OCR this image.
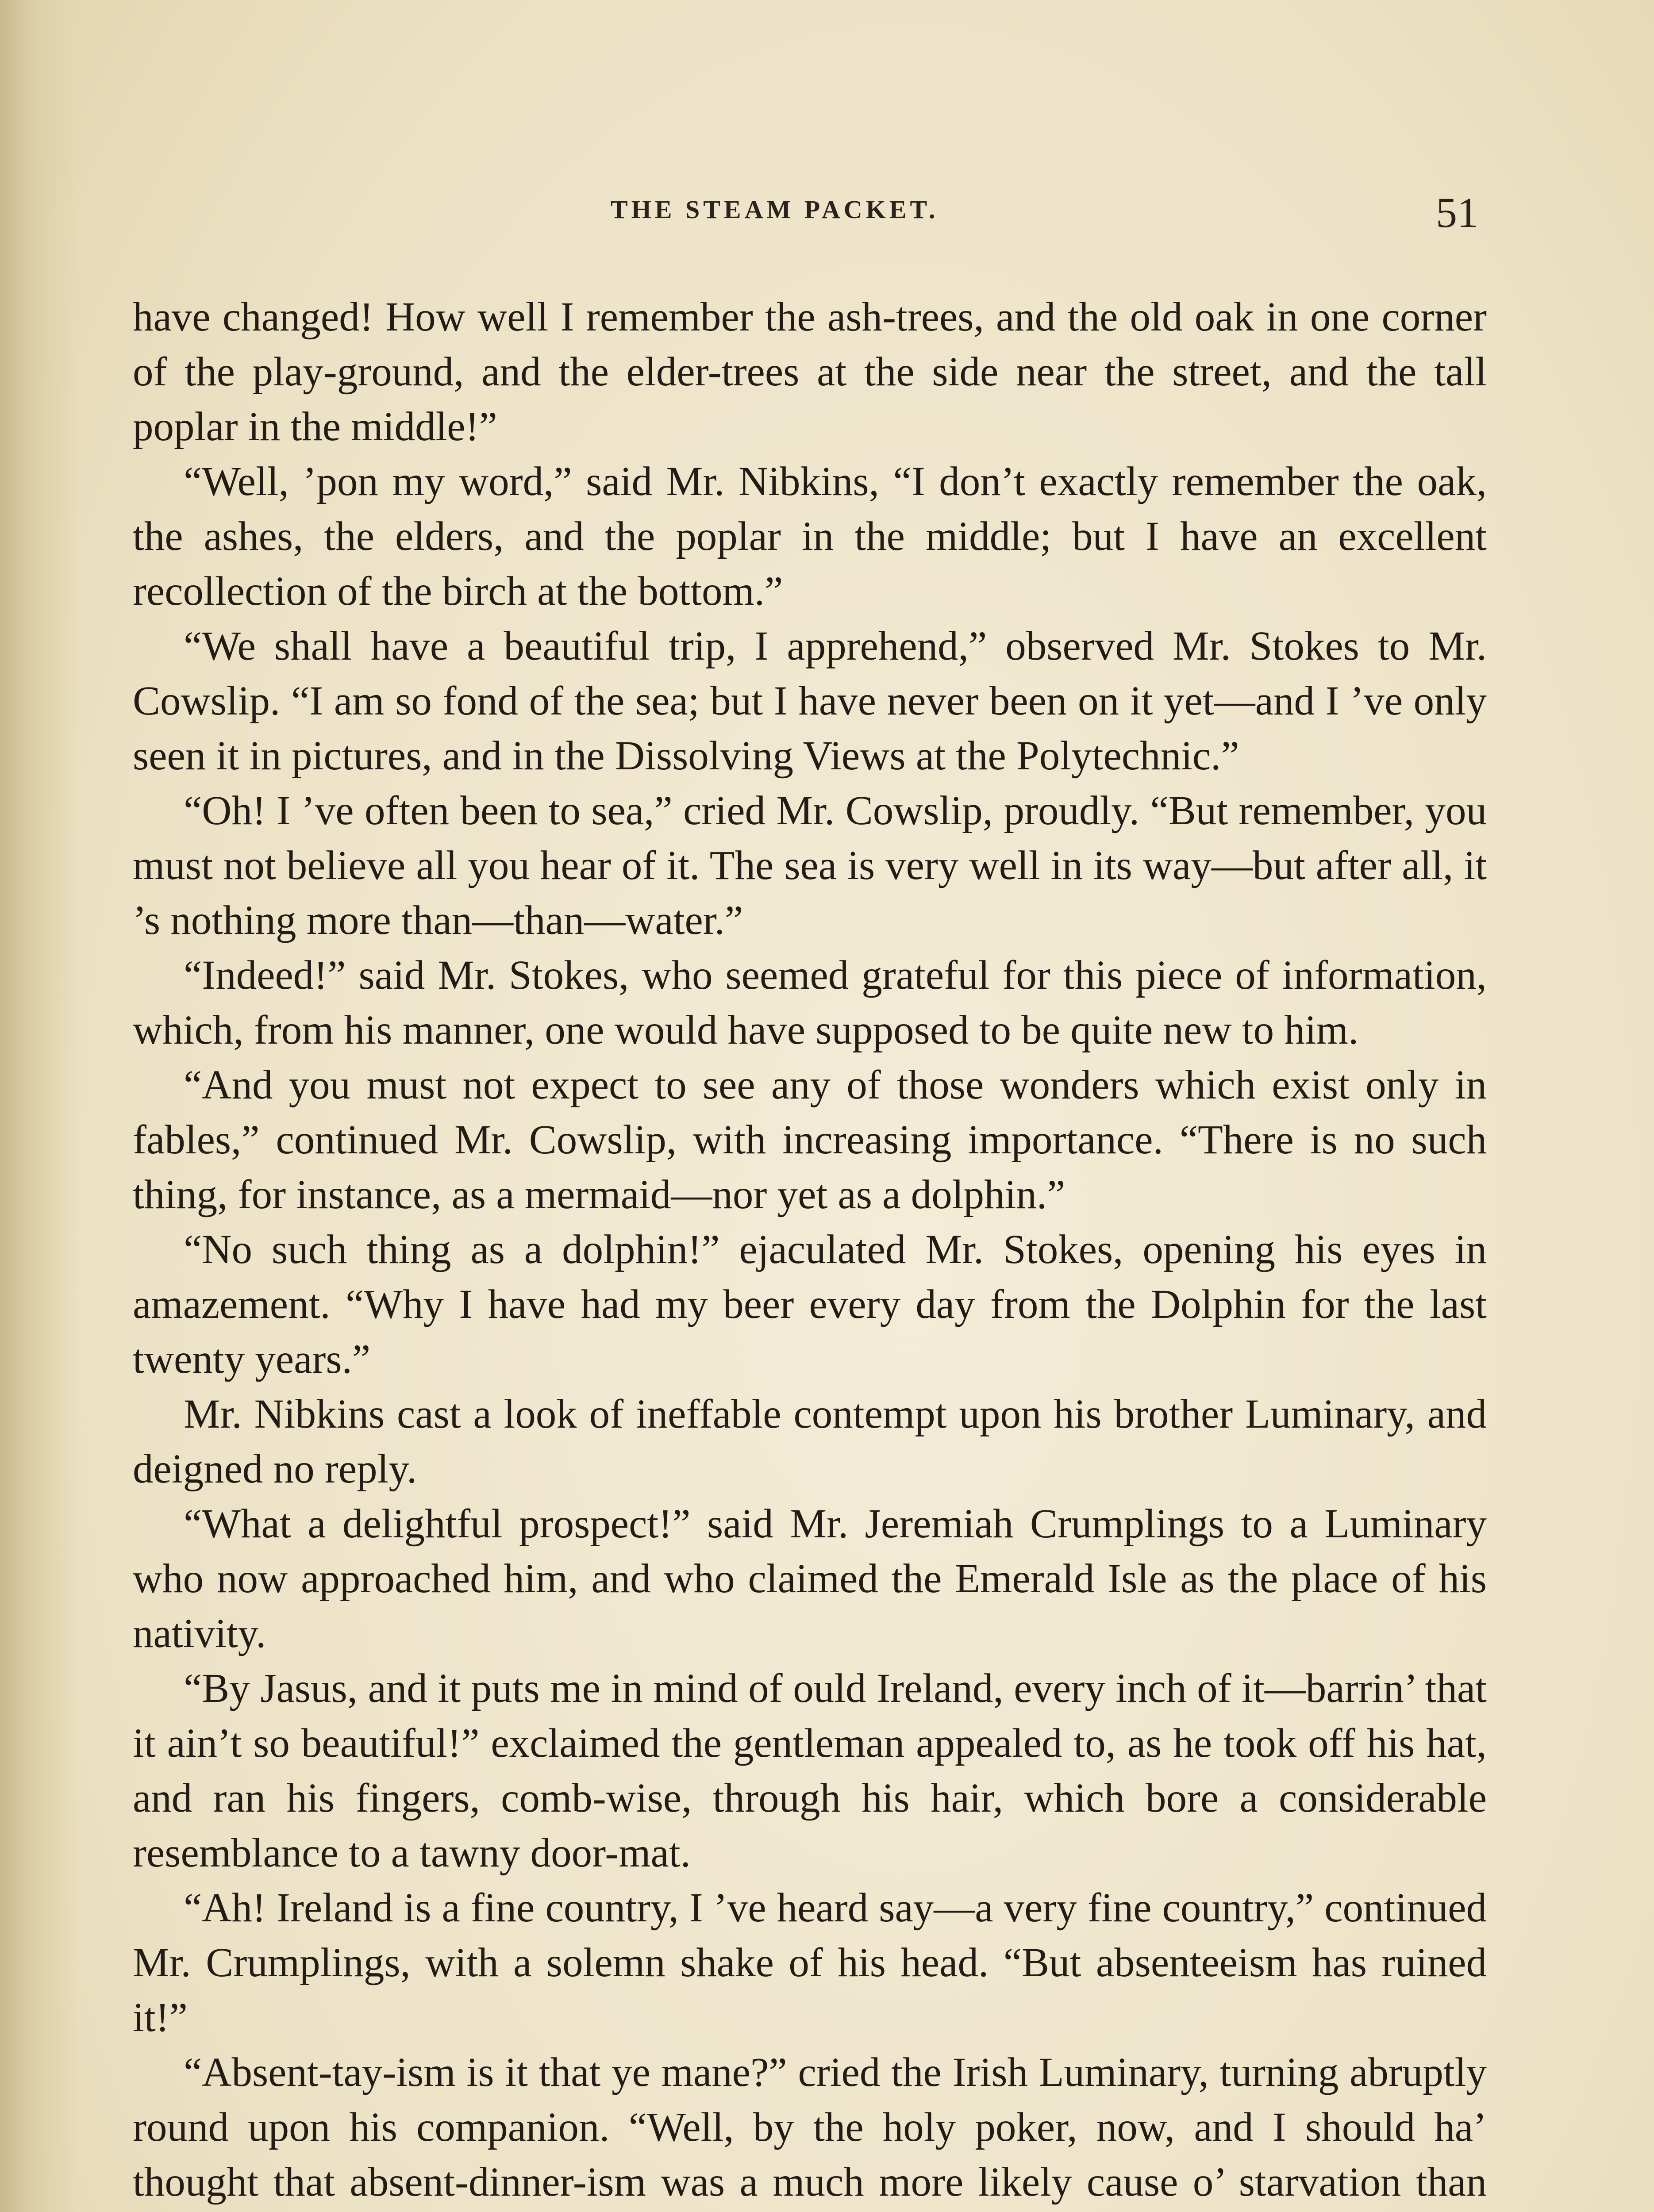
THE STEAM PACKET.	51

have changed! How well I remember the ash-trees, and the old oak in one corner of the play-ground, and the elder-trees at the side near the street, and the tall poplar in the middle!”

“Well, ’pon my word,” said Mr. Nibkins, “I don’t exactly remember the oak, the ashes, the elders, and the poplar in the middle; but I have an excellent recollection of the birch at the bottom.”

“We shall have a beautiful trip, I apprehend,” observed Mr. Stokes to Mr. Cowslip. “I am so fond of the sea; but I have never been on it yet—and I ’ve only seen it in pictures, and in the Dissolving Views at the Polytechnic.”

“Oh! I ’ve often been to sea,” cried Mr. Cowslip, proudly. “But remember, you must not believe all you hear of it. The sea is very well in its way—but after all, it ’s nothing more than—than—water.”

“Indeed!” said Mr. Stokes, who seemed grateful for this piece of information, which, from his manner, one would have supposed to be quite new to him.

“And you must not expect to see any of those wonders which exist only in fables,” continued Mr. Cowslip, with increasing importance. “There is no such thing, for instance, as a mermaid—nor yet as a dolphin.”

“No such thing as a dolphin!” ejaculated Mr. Stokes, opening his eyes in amazement. “Why I have had my beer every day from the Dolphin for the last twenty years.”

Mr. Nibkins cast a look of ineffable contempt upon his brother Luminary, and deigned no reply.

“What a delightful prospect!” said Mr. Jeremiah Crumplings to a Luminary who now approached him, and who claimed the Emerald Isle as the place of his nativity.

“By Jasus, and it puts me in mind of ould Ireland, every inch of it—barrin’ that it ain’t so beautiful!” exclaimed the gentleman appealed to, as he took off his hat, and ran his fingers, comb-wise, through his hair, which bore a considerable resemblance to a tawny door-mat.

“Ah! Ireland is a fine country, I ’ve heard say—a very fine country,” continued Mr. Crumplings, with a solemn shake of his head. “But absenteeism has ruined it!”

“Absent-tay-ism is it that ye mane?” cried the Irish Luminary, turning abruptly round upon his companion. “Well, by the holy poker, now, and I should ha’ thought that absent-dinner-ism was a much more likely cause o’ starvation than
